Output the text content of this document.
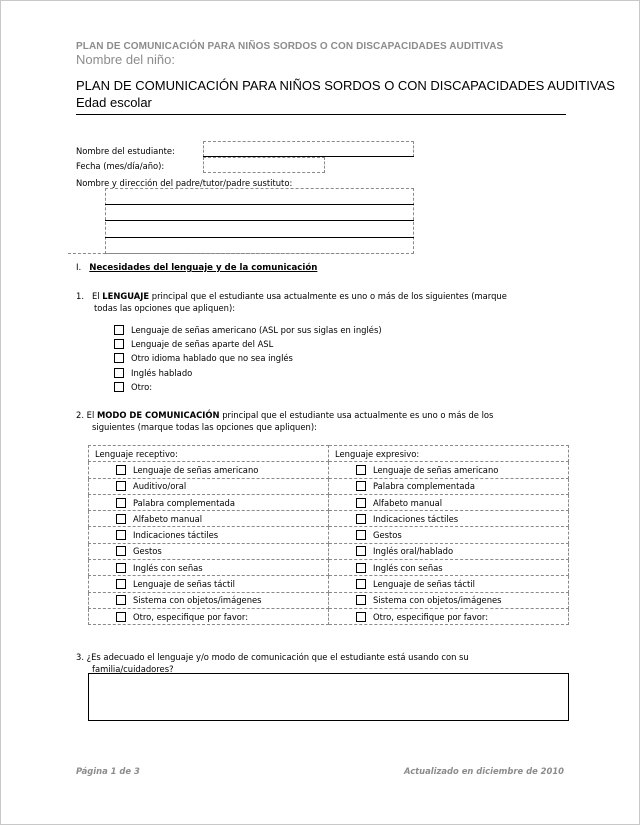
PLAN DE COMUNICACIÓN PARA NIÑOS SORDOS O CON DISCAPACIDADES AUDITIVAS
Nombre del niño:
PLAN DE COMUNICACIÓN PARA NIÑOS SORDOS O CON DISCAPACIDADES AUDITIVAS
Edad escolar
Nombre del estudiante:
Fecha (mes/día/año):
Nombre y dirección del padre/tutor/padre sustituto:
I. Necesidades del lenguaje y de la comunicación
1. El LENGUAJE principal que el estudiante usa actualmente es uno o más de los siguientes (marque
todas las opciones que apliquen):
Lenguaje de señas americano (ASL por sus siglas en inglés)
Lenguaje de señas aparte del ASL
Otro idioma hablado que no sea inglés
Inglés hablado
Otro:
2. El MODO DE COMUNICACIÓN principal que el estudiante usa actualmente es uno o más de los
siguientes (marque todas las opciones que apliquen):
Lenguaje receptivo:	Lenguaje expresivo:

Lenguaje de señas americano	Lenguaje de señas americano

Auditivo/oral	Palabra complementada

Palabra complementada	Alfabeto manual

Alfabeto manual	Indicaciones táctiles

Indicaciones táctiles	Gestos

Gestos	Inglés oral/hablado

Inglés con señas	Inglés con señas

Lenguaje de señas táctil	Lenguaje de señas táctil

Sistema con objetos/imágenes	Sistema con objetos/imágenes

Otro, especifique por favor:	Otro, especifique por favor:
3. ¿Es adecuado el lenguaje y/o modo de comunicación que el estudiante está usando con su
familia/cuidadores?
Página 1 de 3	Actualizado en diciembre de 2010
